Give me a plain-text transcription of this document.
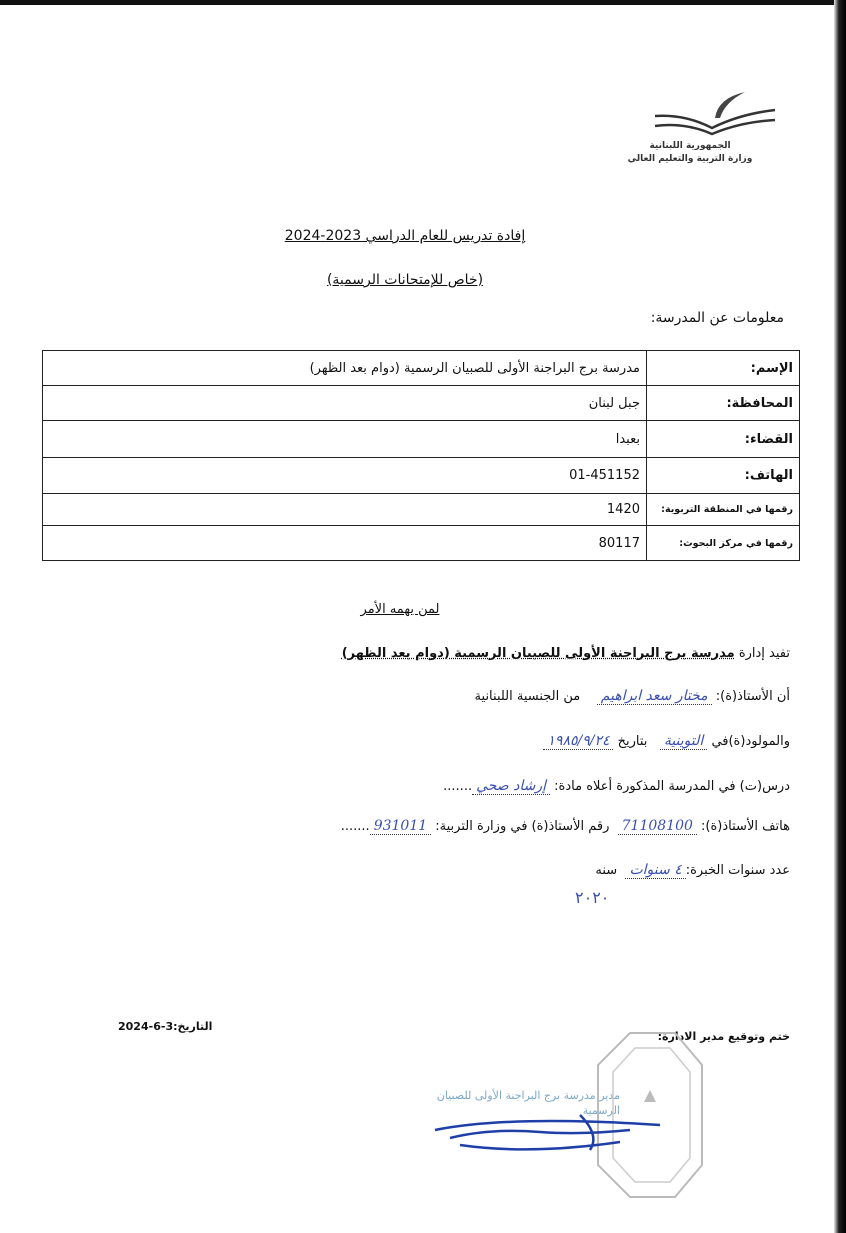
الجمهورية اللبنانية
وزارة التربية والتعليم العالي
إفادة تدريس للعام الدراسي 2023-2024
(خاص للإمتحانات الرسمية)
معلومات عن المدرسة:
الإسم:	مدرسة برج البراجنة الأولى للصبيان الرسمية (دوام بعد الظهر)
المحافظة:	جبل لبنان
القضاء:	بعبدا
الهاتف:	01-451152
رقمها في المنطقة التربوية:	1420
رقمها في مركز البحوث:	80117
لمن يهمه الأمر
تفيد إدارة مدرسة برج البراجنة الأولى للصبيان الرسمية (دوام بعد الظهر)
أن الأستاذ(ة): مختار سعد ابراهيم    من الجنسية اللبنانية
والمولود(ة)في التوينية   بتاريخ ١٩٨٥/٩/٢٤
درس(ت) في المدرسة المذكورة أعلاه مادة: إرشاد صحي.......
هاتف الأستاذ(ة): 71108100  رقم الأستاذ(ة) في وزارة التربية: 931011.......
عدد سنوات الخبرة:٤ سنوات  سنه
٢٠٢٠
ختم وتوقيع مدير الادارة:
التاريخ:3-6-2024
مدير مدرسة برج البراجنة الأولى للصبيان الرسمية
